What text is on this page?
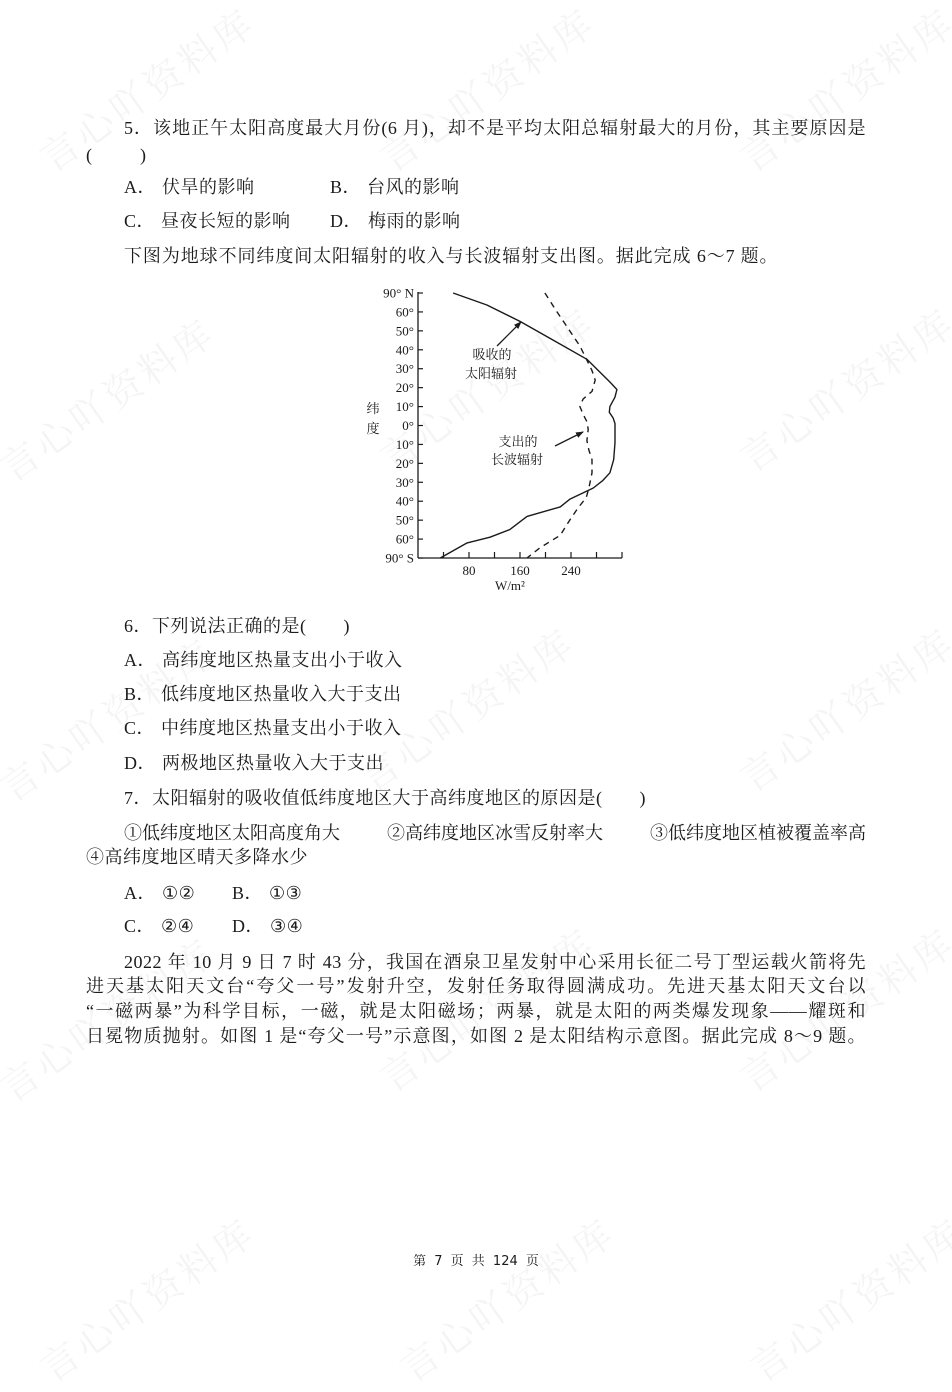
5．该地正午太阳高度最大月份(6 月)，却不是平均太阳总辐射最大的月份，其主要原因是
(　　)
A． 伏旱的影响	B． 台风的影响
C． 昼夜长短的影响 D． 梅雨的影响
下图为地球不同纬度间太阳辐射的收入与长波辐射支出图。据此完成 6～7 题。
90° N
60°
50°
40°
30°
20°
10°
0°
10°
20°
30°
40°
50°
60°
90° S
80	160 240
纬
度
W/m²
吸收的
太阳辐射
支出的
长波辐射
6．下列说法正确的是(　　)
A． 高纬度地区热量支出小于收入
B． 低纬度地区热量收入大于支出
C． 中纬度地区热量支出小于收入
D． 两极地区热量收入大于支出
7．太阳辐射的吸收值低纬度地区大于高纬度地区的原因是(　　)
①低纬度地区太阳高度角大	②高纬度地区冰雪反射率大	③低纬度地区植被覆盖率高
④高纬度地区晴天多降水少
A． ①② B． ①③
C． ②④ D． ③④
2022 年 10 月 9 日 7 时 43 分，我国在酒泉卫星发射中心采用长征二号丁型运载火箭将先
进天基太阳天文台“夸父一号”发射升空，发射任务取得圆满成功。先进天基太阳天文台以
“一磁两暴”为科学目标，一磁，就是太阳磁场；两暴，就是太阳的两类爆发现象——耀斑和
日冕物质抛射。如图 1 是“夸父一号”示意图，如图 2 是太阳结构示意图。据此完成 8～9 题。
第 7 页 共 124 页
